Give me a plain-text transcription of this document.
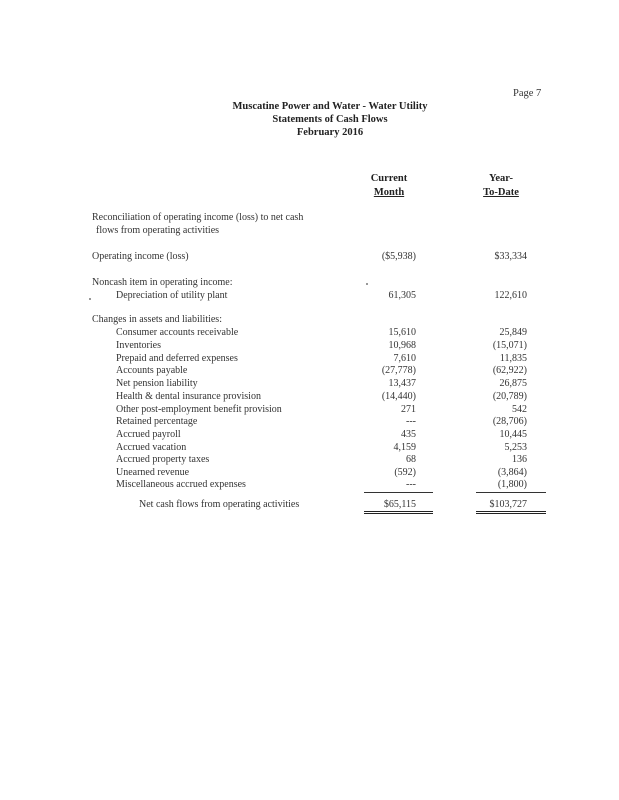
Page 7
Muscatine Power and Water - Water Utility
Statements of Cash Flows
February 2016
Current
Month
Year-
To-Date
Reconciliation of operating income (loss) to net cash
flows from operating activities
Operating income (loss)	($5,938)	$33,334
Noncash item in operating income:
Depreciation of utility plant	61,305	122,610
Changes in assets and liabilities:
Consumer accounts receivable	15,610	25,849
Inventories	10,968	(15,071)
Prepaid and deferred expenses	7,610	11,835
Accounts payable	(27,778)	(62,922)
Net pension liability	13,437	26,875
Health & dental insurance provision	(14,440)	(20,789)
Other post-employment benefit provision	271	542
Retained percentage	---	(28,706)
Accrued payroll	435	10,445
Accrued vacation	4,159	5,253
Accrued property taxes	68	136
Unearned revenue	(592)	(3,864)
Miscellaneous accrued expenses	---	(1,800)
Net cash flows from operating activities	$65,115	$103,727
